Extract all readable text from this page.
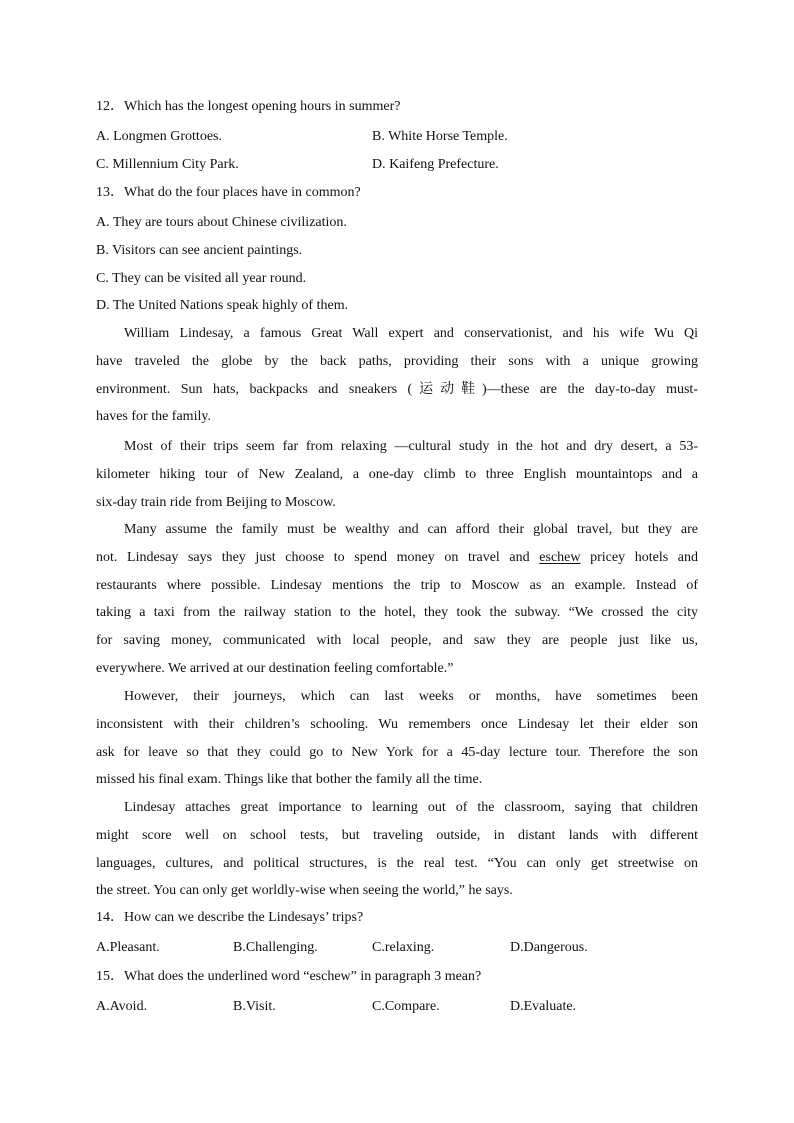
12．Which has the longest opening hours in summer?
A. Longmen Grottoes.	B. White Horse Temple.
C. Millennium City Park.	D. Kaifeng Prefecture.
13．What do the four places have in common?
A. They are tours about Chinese civilization.
B. Visitors can see ancient paintings.
C. They can be visited all year round.
D. The United Nations speak highly of them.
William Lindesay, a famous Great Wall expert and conservationist, and his wife Wu Qi
have traveled the globe by the back paths, providing their sons with a unique growing
environment. Sun hats, backpacks and sneakers (运动鞋)—these are the day-to-day must-
haves for the family.
Most of their trips seem far from relaxing —cultural study in the hot and dry desert, a 53-
kilometer hiking tour of New Zealand, a one-day climb to three English mountaintops and a
six-day train ride from Beijing to Moscow.
Many assume the family must be wealthy and can afford their global travel, but they are
not. Lindesay says they just choose to spend money on travel and eschew pricey hotels and
restaurants where possible. Lindesay mentions the trip to Moscow as an example. Instead of
taking a taxi from the railway station to the hotel, they took the subway. “We crossed the city
for saving money, communicated with local people, and saw they are people just like us,
everywhere. We arrived at our destination feeling comfortable.”
However, their journeys, which can last weeks or months, have sometimes been
inconsistent with their children’s schooling. Wu remembers once Lindesay let their elder son
ask for leave so that they could go to New York for a 45-day lecture tour. Therefore the son
missed his final exam. Things like that bother the family all the time.
Lindesay attaches great importance to learning out of the classroom, saying that children
might score well on school tests, but traveling outside, in distant lands with different
languages, cultures, and political structures, is the real test. “You can only get streetwise on
the street. You can only get worldly-wise when seeing the world,” he says.
14．How can we describe the Lindesays’ trips?
A.Pleasant.	B.Challenging.	C.relaxing.	D.Dangerous.
15．What does the underlined word “eschew” in paragraph 3 mean?
A.Avoid.	B.Visit.	C.Compare.	D.Evaluate.
